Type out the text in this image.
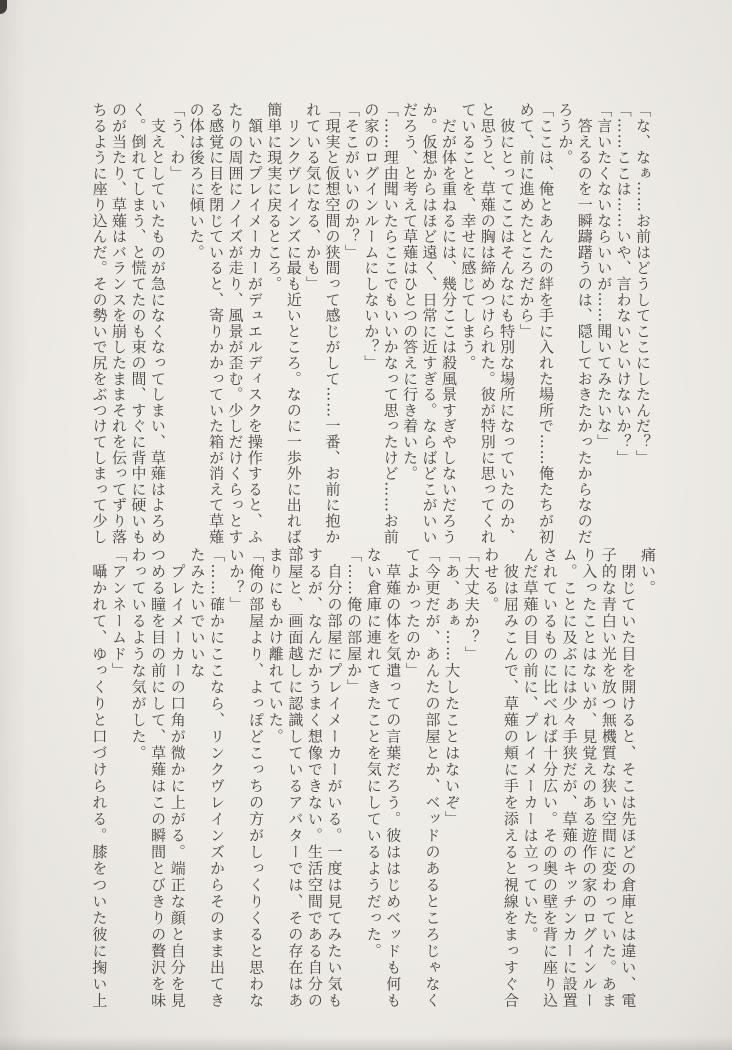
「な、なぁ……お前はどうしてここにしたんだ？」
「……ここは……いや、言わないといけないか？」
「言いたくないならいいが……聞いてみたいな」
　答えるのを一瞬躊躇うのは、隠しておきたかったからなのだ
ろうか。
「ここは、俺とあんたの絆を手に入れた場所で……俺たちが初
めて、前に進めたところだから」
　彼にとってここはそんなにも特別な場所になっていたのか、
と思うと、草薙の胸は締めつけられた。彼が特別に思ってくれ
ていることを、幸せに感じてしまう。
　だが体を重ねるには、幾分ここは殺風景すぎやしないだろう
か。仮想からはほど遠く、日常に近すぎる。ならばどこがいい
だろう、と考えて草薙はひとつの答えに行き着いた。
「……理由聞いたらここでもいいかなって思ったけど……お前
の家のログインルームにしないか？」
「そこがいいのか？」
「現実と仮想空間の狭間って感じがして……一番、お前に抱か
れている気になる、かも」
　リンクヴレインズに最も近いところ。なのに一歩外に出れば、
簡単に現実に戻るところ。
　頷いたプレイメーカーがデュエルディスクを操作すると、ふ
たりの周囲にノイズが走り、風景が歪む。少しだけくらっとす
る感覚に目を閉じていると、寄りかかっていた箱が消えて草薙
の体は後ろに傾いた。
「う、わ」
　支えとしていたものが急になくなってしまい、草薙はよろめ
く。倒れてしまう、と慌てたのも束の間、すぐに背中に硬いも
のが当たり、草薙はバランスを崩したままそれを伝ってずり落
ちるように座り込んだ。その勢いで尻をぶつけてしまって少し
痛い。
　閉じていた目を開けると、そこは先ほどの倉庫とは違い、電
子的な青白い光を放つ無機質な狭い空間に変わっていた。あま
り入ったことはないが、見覚えのある遊作の家のログインルー
ム。ことに及ぶには少々手狭だが、草薙のキッチンカーに設置
されているものに比べれば十分広い。その奥の壁を背に座り込
んだ草薙の目の前に、プレイメーカーは立っていた。
　彼は屈みこんで、草薙の頬に手を添えると視線をまっすぐ合
わせる。
「大丈夫か？」
「あ、あぁ……大したことはないぞ」
「今更だが、あんたの部屋とか、ベッドのあるところじゃなく
てよかったのか」
　草薙の体を気遣っての言葉だろう。彼ははじめベッドも何も
ない倉庫に連れてきたことを気にしているようだった。
「……俺の部屋か」
　自分の部屋にプレイメーカーがいる。一度は見てみたい気も
するが、なんだかうまく想像できない。生活空間である自分の
部屋と、画面越しに認識しているアバターでは、その存在はあ
まりにもかけ離れていた。
「俺の部屋より、よっぽどこっちの方がしっくりくると思わな
いか？」
「……確かにここなら、リンクヴレインズからそのまま出てき
たみたいでいいな
　プレイメーカーの口角が微かに上がる。端正な顔と自分を見
つめる瞳を目の前にして、草薙はこの瞬間とびきりの贅沢を味
わっているような気がした。
「アンネームド」
　囁かれて、ゆっくりと口づけられる。膝をついた彼に掬い上
